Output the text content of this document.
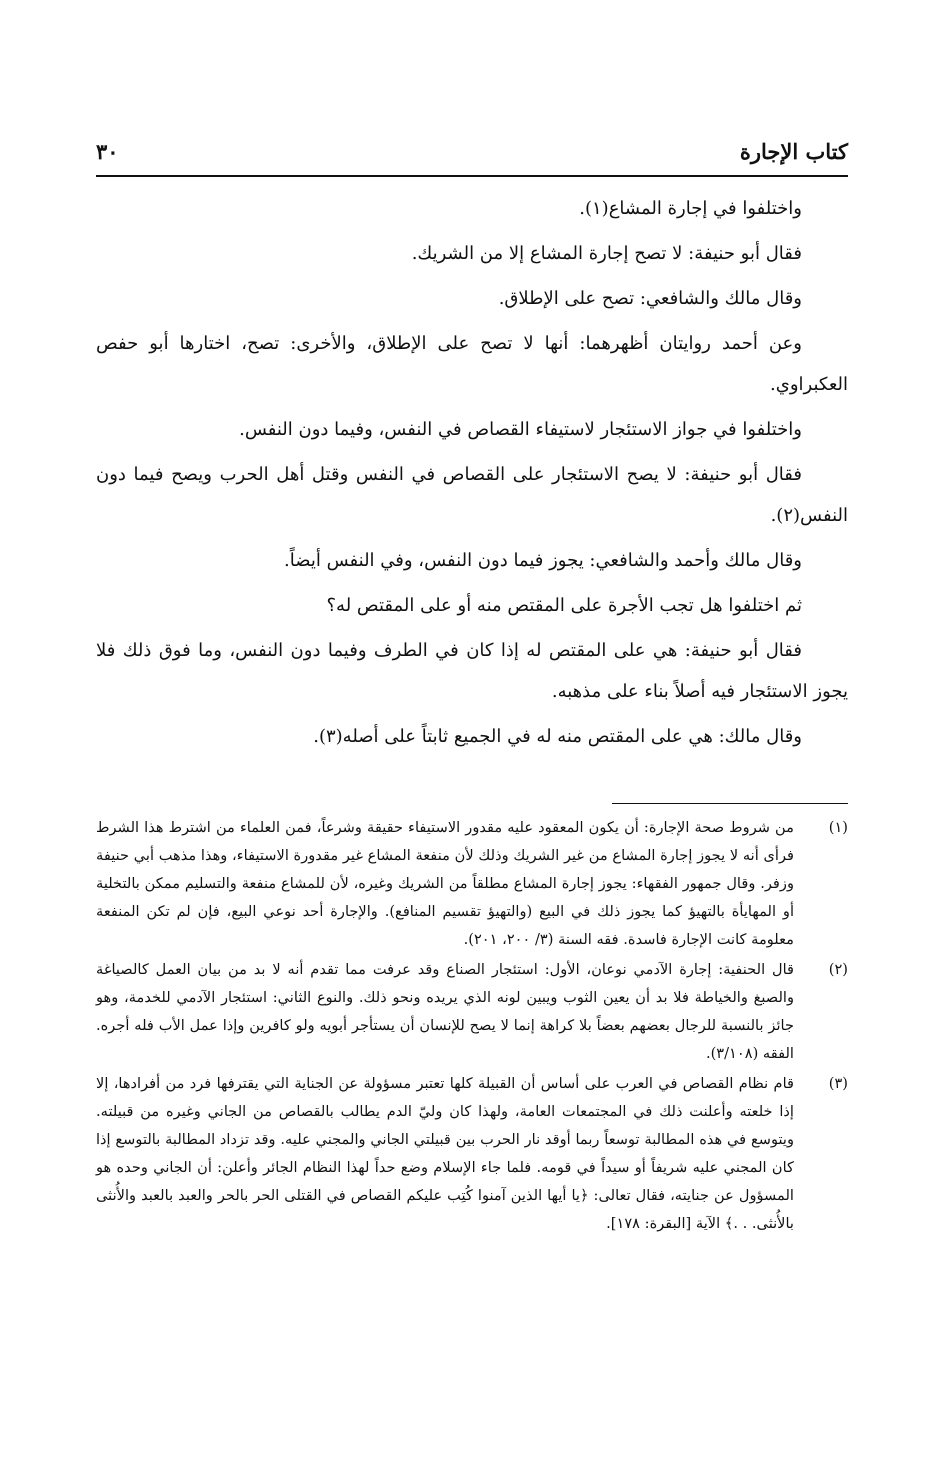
كتاب الإجارة
٣٠

واختلفوا في إجارة المشاع(١).

فقال أبو حنيفة: لا تصح إجارة المشاع إلا من الشريك.

وقال مالك والشافعي: تصح على الإطلاق.

وعن أحمد روايتان أظهرهما: أنها لا تصح على الإطلاق، والأخرى: تصح، اختارها أبو حفص العكبراوي.

واختلفوا في جواز الاستئجار لاستيفاء القصاص في النفس، وفيما دون النفس.

فقال أبو حنيفة: لا يصح الاستئجار على القصاص في النفس وقتل أهل الحرب ويصح فيما دون النفس(٢).

وقال مالك وأحمد والشافعي: يجوز فيما دون النفس، وفي النفس أيضاً.

ثم اختلفوا هل تجب الأجرة على المقتص منه أو على المقتص له؟

فقال أبو حنيفة: هي على المقتص له إذا كان في الطرف وفيما دون النفس، وما فوق ذلك فلا يجوز الاستئجار فيه أصلاً بناء على مذهبه.

وقال مالك: هي على المقتص منه له في الجميع ثابتاً على أصله(٣).

(١)
من شروط صحة الإجارة: أن يكون المعقود عليه مقدور الاستيفاء حقيقة وشرعاً، فمن العلماء من اشترط هذا الشرط فرأى أنه لا يجوز إجارة المشاع من غير الشريك وذلك لأن منفعة المشاع غير مقدورة الاستيفاء، وهذا مذهب أبي حنيفة وزفر. وقال جمهور الفقهاء: يجوز إجارة المشاع مطلقاً من الشريك وغيره، لأن للمشاع منفعة والتسليم ممكن بالتخلية أو المهايأة بالتهيؤ كما يجوز ذلك في البيع (والتهيؤ تقسيم المنافع). والإجارة أحد نوعي البيع، فإن لم تكن المنفعة معلومة كانت الإجارة فاسدة. فقه السنة (٣/ ٢٠٠، ٢٠١).
(٢)
قال الحنفية: إجارة الآدمي نوعان، الأول: استئجار الصناع وقد عرفت مما تقدم أنه لا بد من بيان العمل كالصياغة والصبغ والخياطة فلا بد أن يعين الثوب ويبين لونه الذي يريده ونحو ذلك. والنوع الثاني: استئجار الآدمي للخدمة، وهو جائز بالنسبة للرجال بعضهم بعضاً بلا كراهة إنما لا يصح للإنسان أن يستأجر أبويه ولو كافرين وإذا عمل الأب فله أجره. الفقه (٣/١٠٨).
(٣)
قام نظام القصاص في العرب على أساس أن القبيلة كلها تعتبر مسؤولة عن الجناية التي يقترفها فرد من أفرادها، إلا إذا خلعته وأعلنت ذلك في المجتمعات العامة، ولهذا كان وليّ الدم يطالب بالقصاص من الجاني وغيره من قبيلته. ويتوسع في هذه المطالبة توسعاً ربما أوقد نار الحرب بين قبيلتي الجاني والمجني عليه. وقد تزداد المطالبة بالتوسع إذا كان المجني عليه شريفاً أو سيداً في قومه. فلما جاء الإسلام وضع حداً لهذا النظام الجائر وأعلن: أن الجاني وحده هو المسؤول عن جنايته، فقال تعالى: ﴿يا أيها الذين آمنوا كُتِب عليكم القصاص في القتلى الحر بالحر والعبد بالعبد والأُنثى بالأُنثى. . .﴾ الآية [البقرة: ١٧٨].
